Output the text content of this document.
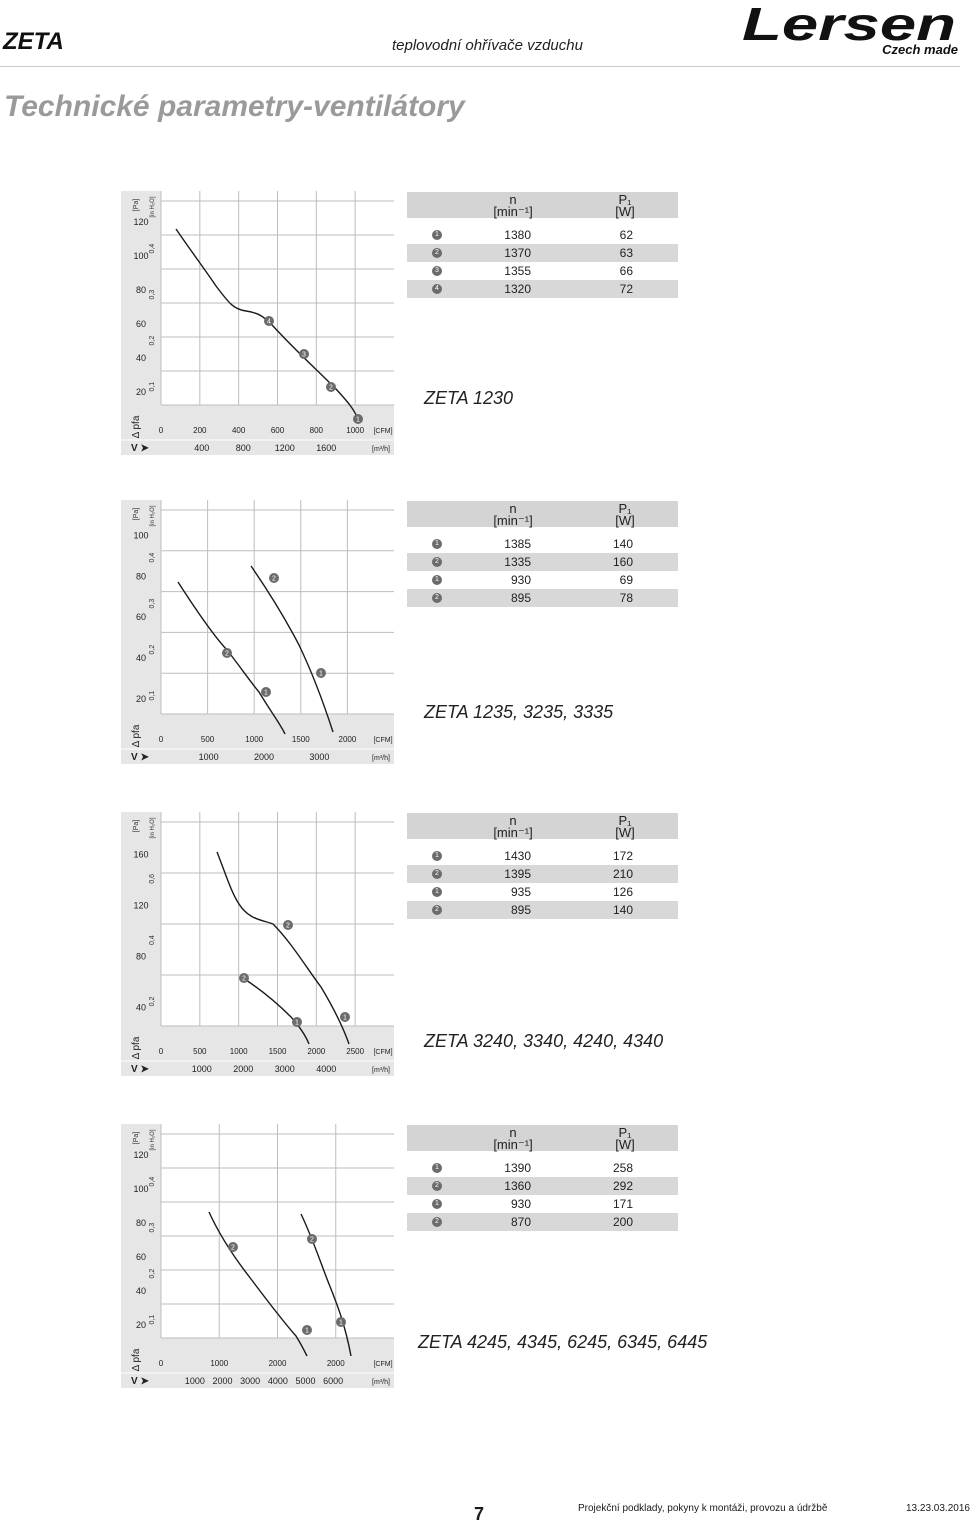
ZETA	teplovodní ohřívače vzduchu	Lersen
Czech made
Technické parametry-ventilátory
120
100
80
60
40
20
0,4
0,3
0,2
0,1
[Pa] [in H₂O]
Δ pfa 0	200	400	600	800	1000 [CFM]
400	800	1200 1600	[m³/h]
V ➤
4
3
2
1
100
80
60
40
20
0,4
0,3
0,2
0,1
[Pa] [in H₂O]
Δ pfa 0	500	1000	1500	2000 [CFM]
1000	2000	3000	[m³/h]
V ➤
2
2
1
1
160
120
80
40
0,6
0,4
0,2
[Pa] [in H₂O]
Δ pfa 0	500	1000	1500	2000	2500 [CFM]
1000 2000 3000 4000	[m³/h]
V ➤
2
2
1
1
120
100
80
60
40
20
0,4
0,3
0,2
0,1
[Pa] [in H₂O]
Δ pfa 0	1000	2000	2000	[CFM]
1000 2000 3000 4000 5000 6000	[m³/h]
V ➤
2
2
1
1
n
[min⁻¹]
P₁
[W]
1	1380	62
2	1370	63
3	1355	66
4	1320	72
n
[min⁻¹]
P₁
[W]
1	1385	140
2	1335	160
1	930	69
2	895	78
n
[min⁻¹]
P₁
[W]
1	1430	172
2	1395	210
1	935	126
2	895	140
n
[min⁻¹]
P₁
[W]
1	1390	258
2	1360	292
1	930	171
2	870	200
ZETA 1230
ZETA 1235, 3235, 3335
ZETA 3240, 3340, 4240, 4340
ZETA 4245, 4345, 6245, 6345, 6445
7	Projekční podklady, pokyny k montáži, provozu a údržbě	13.23.03.2016
